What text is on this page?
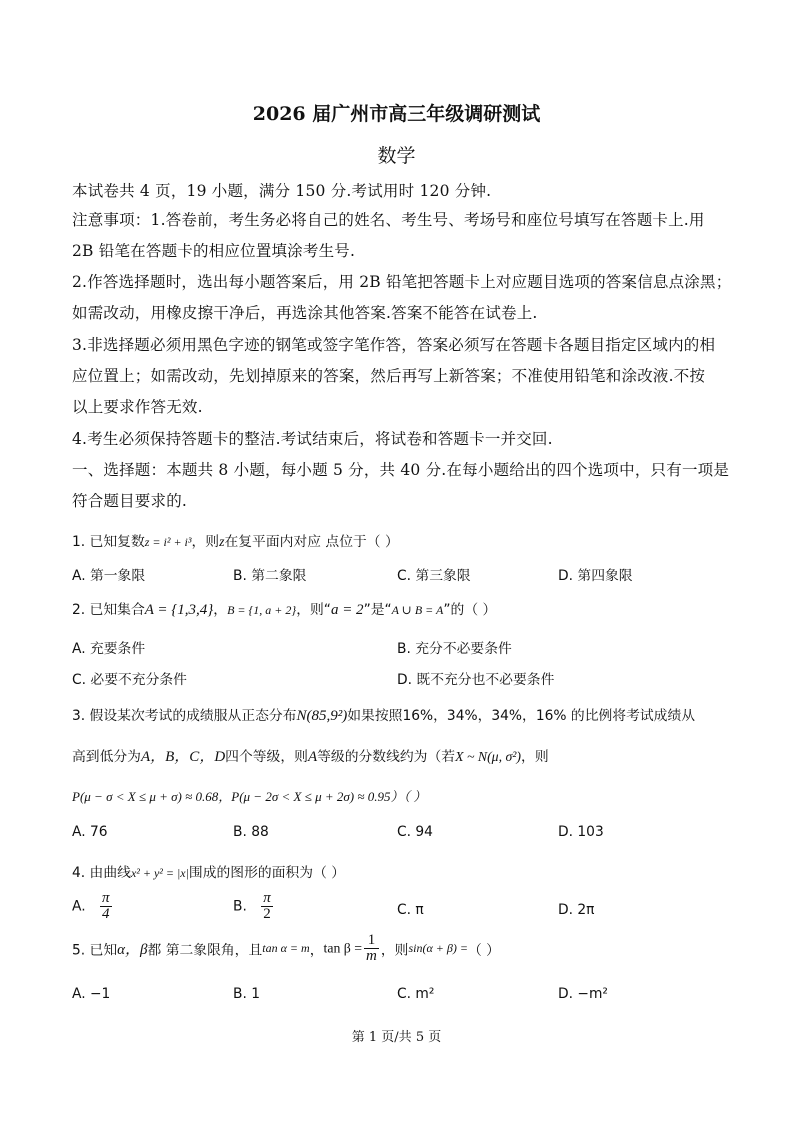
2026 届广州市高三年级调研测试
数学
本试卷共 4 页，19 小题，满分 150 分.考试用时 120 分钟.
注意事项：1.答卷前，考生务必将自己的姓名、考生号、考场号和座位号填写在答题卡上.用
2B 铅笔在答题卡的相应位置填涂考生号.
2.作答选择题时，选出每小题答案后，用 2B 铅笔把答题卡上对应题目选项的答案信息点涂黑；
如需改动，用橡皮擦干净后，再选涂其他答案.答案不能答在试卷上.
3.非选择题必须用黑色字迹的钢笔或签字笔作答，答案必须写在答题卡各题目指定区域内的相
应位置上；如需改动，先划掉原来的答案，然后再写上新答案；不准使用铅笔和涂改液.不按
以上要求作答无效.
4.考生必须保持答题卡的整洁.考试结束后，将试卷和答题卡一并交回.
一、选择题：本题共 8 小题，每小题 5 分，共 40 分.在每小题给出的四个选项中，只有一项是
符合题目要求的.
1. 已知复数z = i² + i³，则z在复平面内对应 点位于（ ）
A. 第一象限	B. 第二象限	C. 第三象限	D. 第四象限
2. 已知集合A = {1,3,4}，B = {1, a + 2}，则“a = 2”是“A ∪ B = A”的（ ）
A. 充要条件	B. 充分不必要条件
C. 必要不充分条件	D. 既不充分也不必要条件
3. 假设某次考试的成绩服从正态分布N(85,9²)如果按照16%，34%，34%，16% 的比例将考试成绩从
高到低分为A，B，C，D四个等级，则A等级的分数线约为（若X ~ N(μ, σ²)，则
P(μ − σ < X ≤ μ + σ) ≈ 0.68，P(μ − 2σ < X ≤ μ + 2σ) ≈ 0.95）（ ）
A. 76	B. 88	C. 94	D. 103
4. 由曲线x² + y² = |x|围成的图形的面积为（ ）
A. $\frac{\pi}{4}$	B. $\frac{\pi}{2}$	C. π	D. 2π
5. 已知α，β都 第二象限角，且tan α = m，$\tan \beta = \frac{1}{m}$ ，则sin(α + β) =（ ）
A. −1	B. 1	C. m²	D. −m²
第 1 页/共 5 页
